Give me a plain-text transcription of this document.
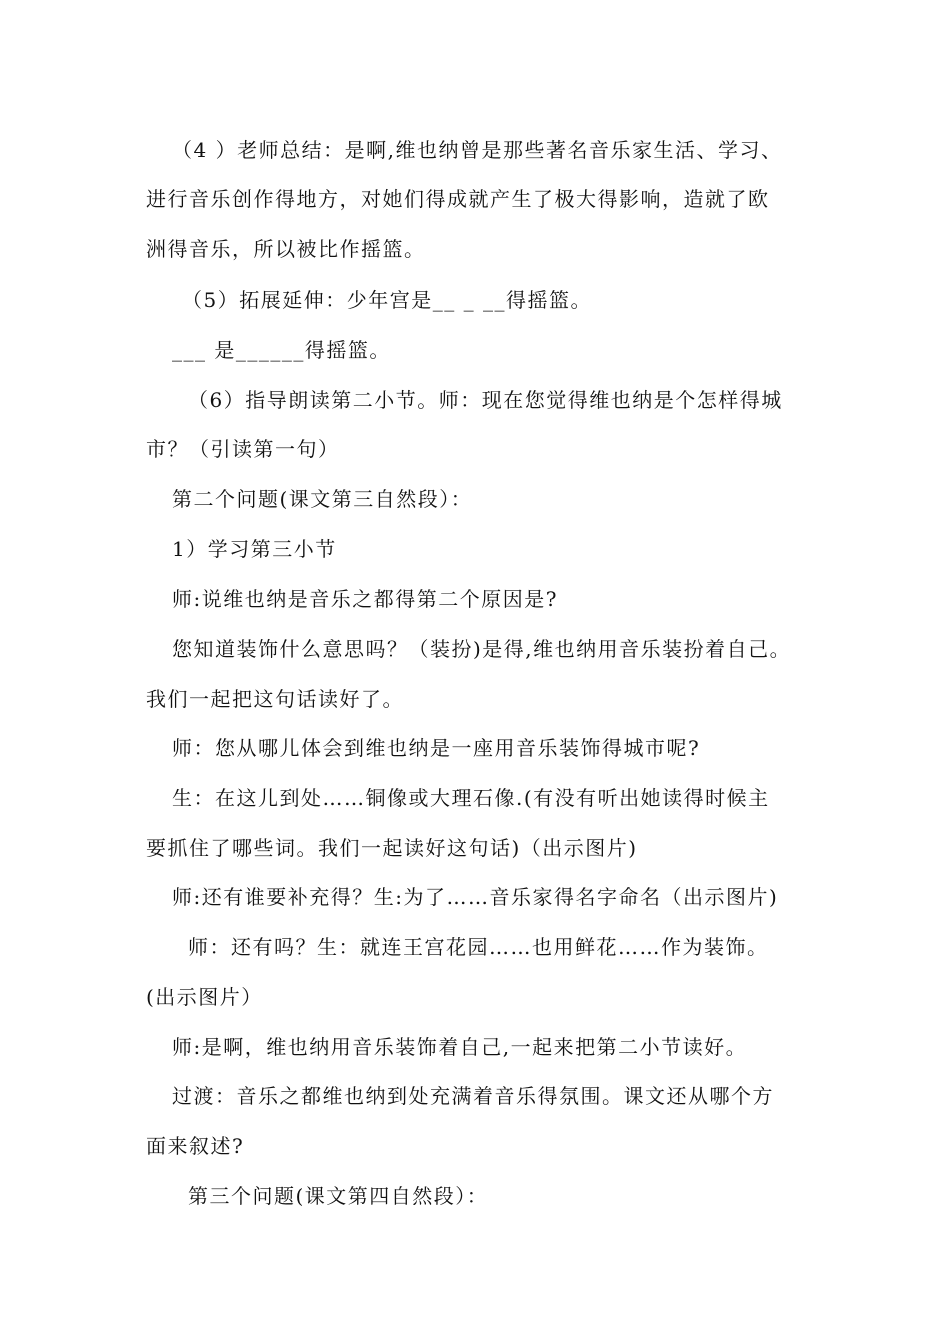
（4 ）老师总结：是啊,维也纳曾是那些著名音乐家生活、学习、
进行音乐创作得地方，对她们得成就产生了极大得影响，造就了欧
洲得音乐，所以被比作摇篮。
（5）拓展延伸：少年宫是__ _ __得摇篮。
___ 是______得摇篮。
（6）指导朗读第二小节。师：现在您觉得维也纳是个怎样得城
市？（引读第一句）
第二个问题(课文第三自然段）：
1）学习第三小节
师:说维也纳是音乐之都得第二个原因是?
您知道装饰什么意思吗？（装扮)是得,维也纳用音乐装扮着自己。
我们一起把这句话读好了。
师：您从哪儿体会到维也纳是一座用音乐装饰得城市呢?
生：在这儿到处……铜像或大理石像.(有没有听出她读得时候主
要抓住了哪些词。我们一起读好这句话)（出示图片)
师:还有谁要补充得？生:为了……音乐家得名字命名（出示图片)
师：还有吗？生：就连王宫花园……也用鲜花……作为装饰。
(出示图片）
师:是啊，维也纳用音乐装饰着自己,一起来把第二小节读好。
过渡：音乐之都维也纳到处充满着音乐得氛围。课文还从哪个方
面来叙述?
第三个问题(课文第四自然段）：
